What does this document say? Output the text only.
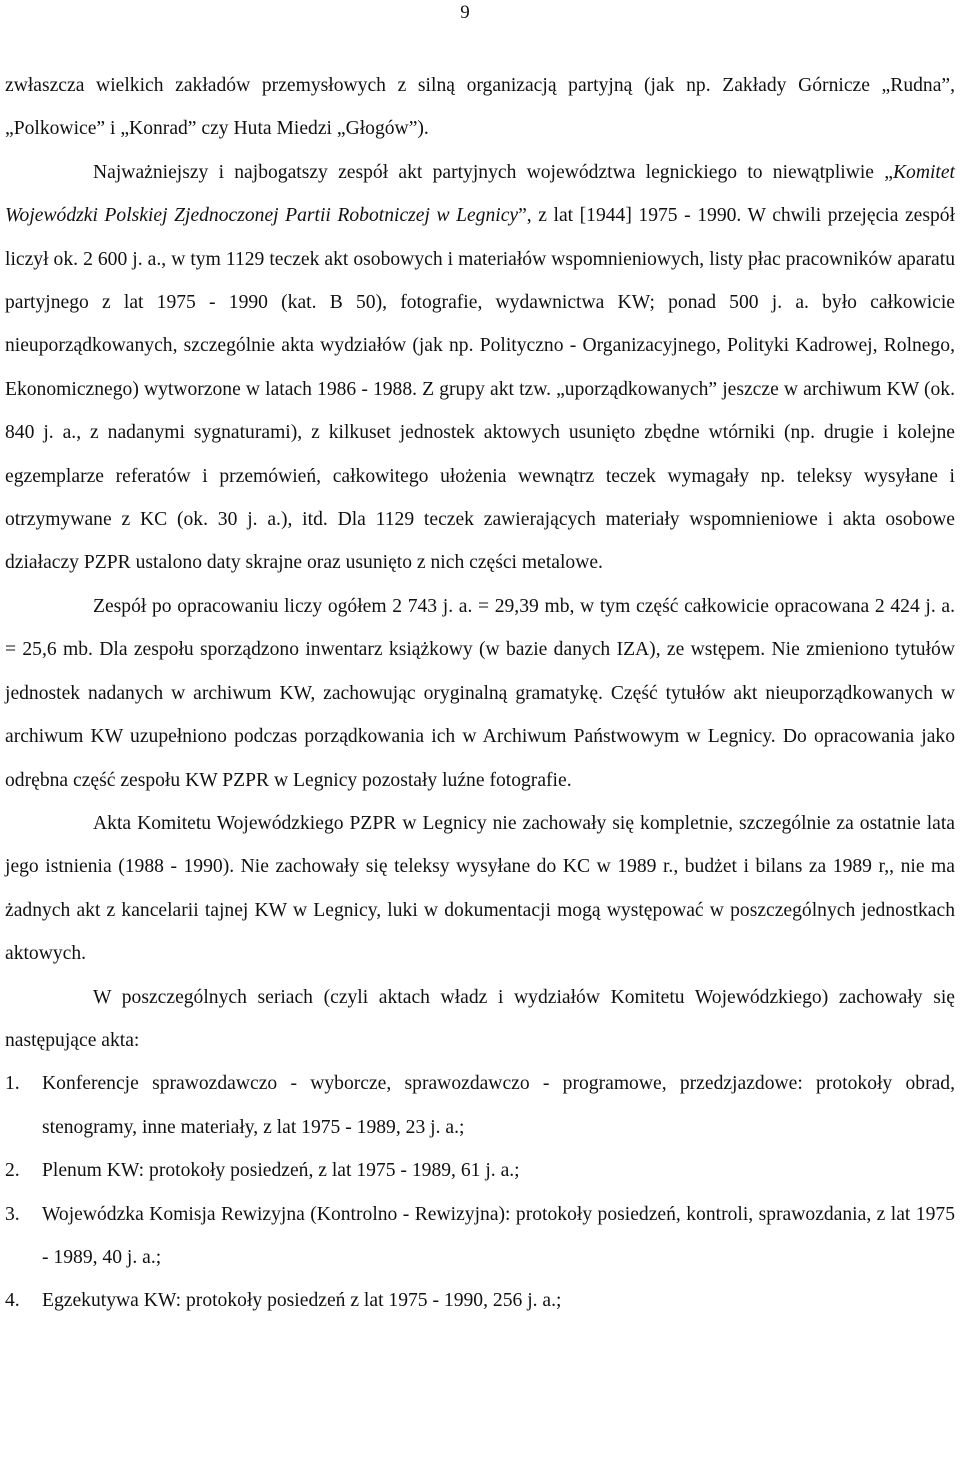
9

zwłaszcza wielkich zakładów przemysłowych z silną organizacją partyjną (jak np. Zakłady Górnicze „Rudna”, „Polkowice” i „Konrad” czy Huta Miedzi „Głogów”).

Najważniejszy i najbogatszy zespół akt partyjnych województwa legnickiego to niewątpliwie „Komitet Wojewódzki Polskiej Zjednoczonej Partii Robotniczej w Legnicy”, z lat [1944] 1975 - 1990. W chwili przejęcia zespół liczył ok. 2 600 j. a., w tym 1129 teczek akt osobowych i materiałów wspomnieniowych, listy płac pracowników aparatu partyjnego z lat 1975 - 1990 (kat. B 50), fotografie, wydawnictwa KW; ponad 500 j. a. było całkowicie nieuporządkowanych, szczególnie akta wydziałów (jak np. Polityczno - Organizacyjnego, Polityki Kadrowej, Rolnego, Ekonomicznego) wytworzone w latach 1986 - 1988. Z grupy akt tzw. „uporządkowanych” jeszcze w archiwum KW (ok. 840 j. a., z nadanymi sygnaturami), z kilkuset jednostek aktowych usunięto zbędne wtórniki (np. drugie i kolejne egzemplarze referatów i przemówień, całkowitego ułożenia wewnątrz teczek wymagały np. teleksy wysyłane i otrzymywane z KC (ok. 30 j. a.), itd. Dla 1129 teczek zawierających materiały wspomnieniowe i akta osobowe działaczy PZPR ustalono daty skrajne oraz usunięto z nich części metalowe.

Zespół po opracowaniu liczy ogółem 2 743 j. a. = 29,39 mb, w tym część całkowicie opracowana 2 424 j. a. = 25,6 mb. Dla zespołu sporządzono inwentarz książkowy (w bazie danych IZA), ze wstępem. Nie zmieniono tytułów jednostek nadanych w archiwum KW, zachowując oryginalną gramatykę. Część tytułów akt nieuporządkowanych w archiwum KW uzupełniono podczas porządkowania ich w Archiwum Państwowym w Legnicy. Do opracowania jako odrębna część zespołu KW PZPR w Legnicy pozostały luźne fotografie.

Akta Komitetu Wojewódzkiego PZPR w Legnicy nie zachowały się kompletnie, szczególnie za ostatnie lata jego istnienia (1988 - 1990). Nie zachowały się teleksy wysyłane do KC w 1989 r., budżet i bilans za 1989 r,, nie ma żadnych akt z kancelarii tajnej KW w Legnicy, luki w dokumentacji mogą występować w poszczególnych jednostkach aktowych.

W poszczególnych seriach (czyli aktach władz i wydziałów Komitetu Wojewódzkiego) zachowały się następujące akta:

1. Konferencje sprawozdawczo - wyborcze, sprawozdawczo - programowe, przedzjazdowe: protokoły obrad, stenogramy, inne materiały, z lat 1975 - 1989, 23 j. a.;
2. Plenum KW: protokoły posiedzeń, z lat 1975 - 1989, 61 j. a.;
3. Wojewódzka Komisja Rewizyjna (Kontrolno - Rewizyjna): protokoły posiedzeń, kontroli, sprawozdania, z lat 1975 - 1989, 40 j. a.;
4. Egzekutywa KW: protokoły posiedzeń z lat 1975 - 1990, 256 j. a.;
